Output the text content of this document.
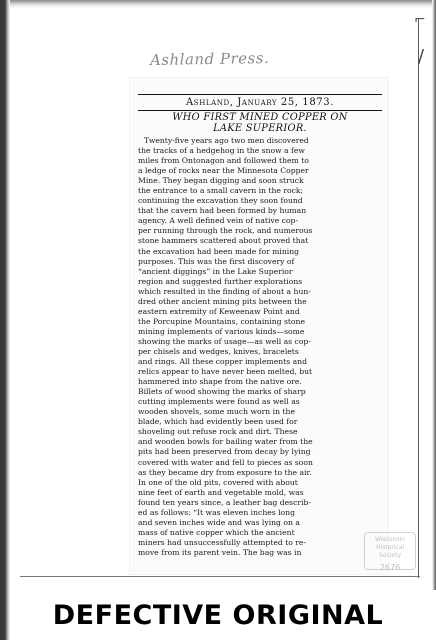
⌐
/
Ashland Press.
Ashland, January 25, 1873.
WHO FIRST MINED COPPER ON
LAKE SUPERIOR.
Twenty-five years ago two men discovered
the tracks of a hedgehog in the snow a few
miles from Ontonagon and followed them to
a ledge of rocks near the Minnesota Copper
Mine. They began digging and soon struck
the entrance to a small cavern in the rock;
continuing the excavation they soon found
that the cavern had been formed by human
agency. A well defined vein of native cop-
per running through the rock, and numerous
stone hammers scattered about proved that
the excavation had been made for mining
purposes. This was the first discovery of
“ancient diggings” in the Lake Superior
region and suggested further explorations
which resulted in the finding of about a hun-
dred other ancient mining pits between the
eastern extremity of Keweenaw Point and
the Porcupine Mountains, containing stone
mining implements of various kinds—some
showing the marks of usage—as well as cop-
per chisels and wedges, knives, bracelets
and rings. All these copper implements and
relics appear to have never been melted, but
hammered into shape from the native ore.
Billets of wood showing the marks of sharp
cutting implements were found as well as
wooden shovels, some much worn in the
blade, which had evidently been used for
shoveling out refuse rock and dirt. These
and wooden bowls for bailing water from the
pits had been preserved from decay by lying
covered with water and fell to pieces as soon
as they became dry from exposure to the air.
In one of the old pits, covered with about
nine feet of earth and vegetable mold, was
found ten years since, a leather bag describ-
ed as follows: “It was eleven inches long
and seven inches wide and was lying on a
mass of native copper which the ancient
miners had unsuccessfully attempted to re-
move from its parent vein. The bag was in
Wisconsin
Historical Society
2676
DEFECTIVE ORIGINAL
